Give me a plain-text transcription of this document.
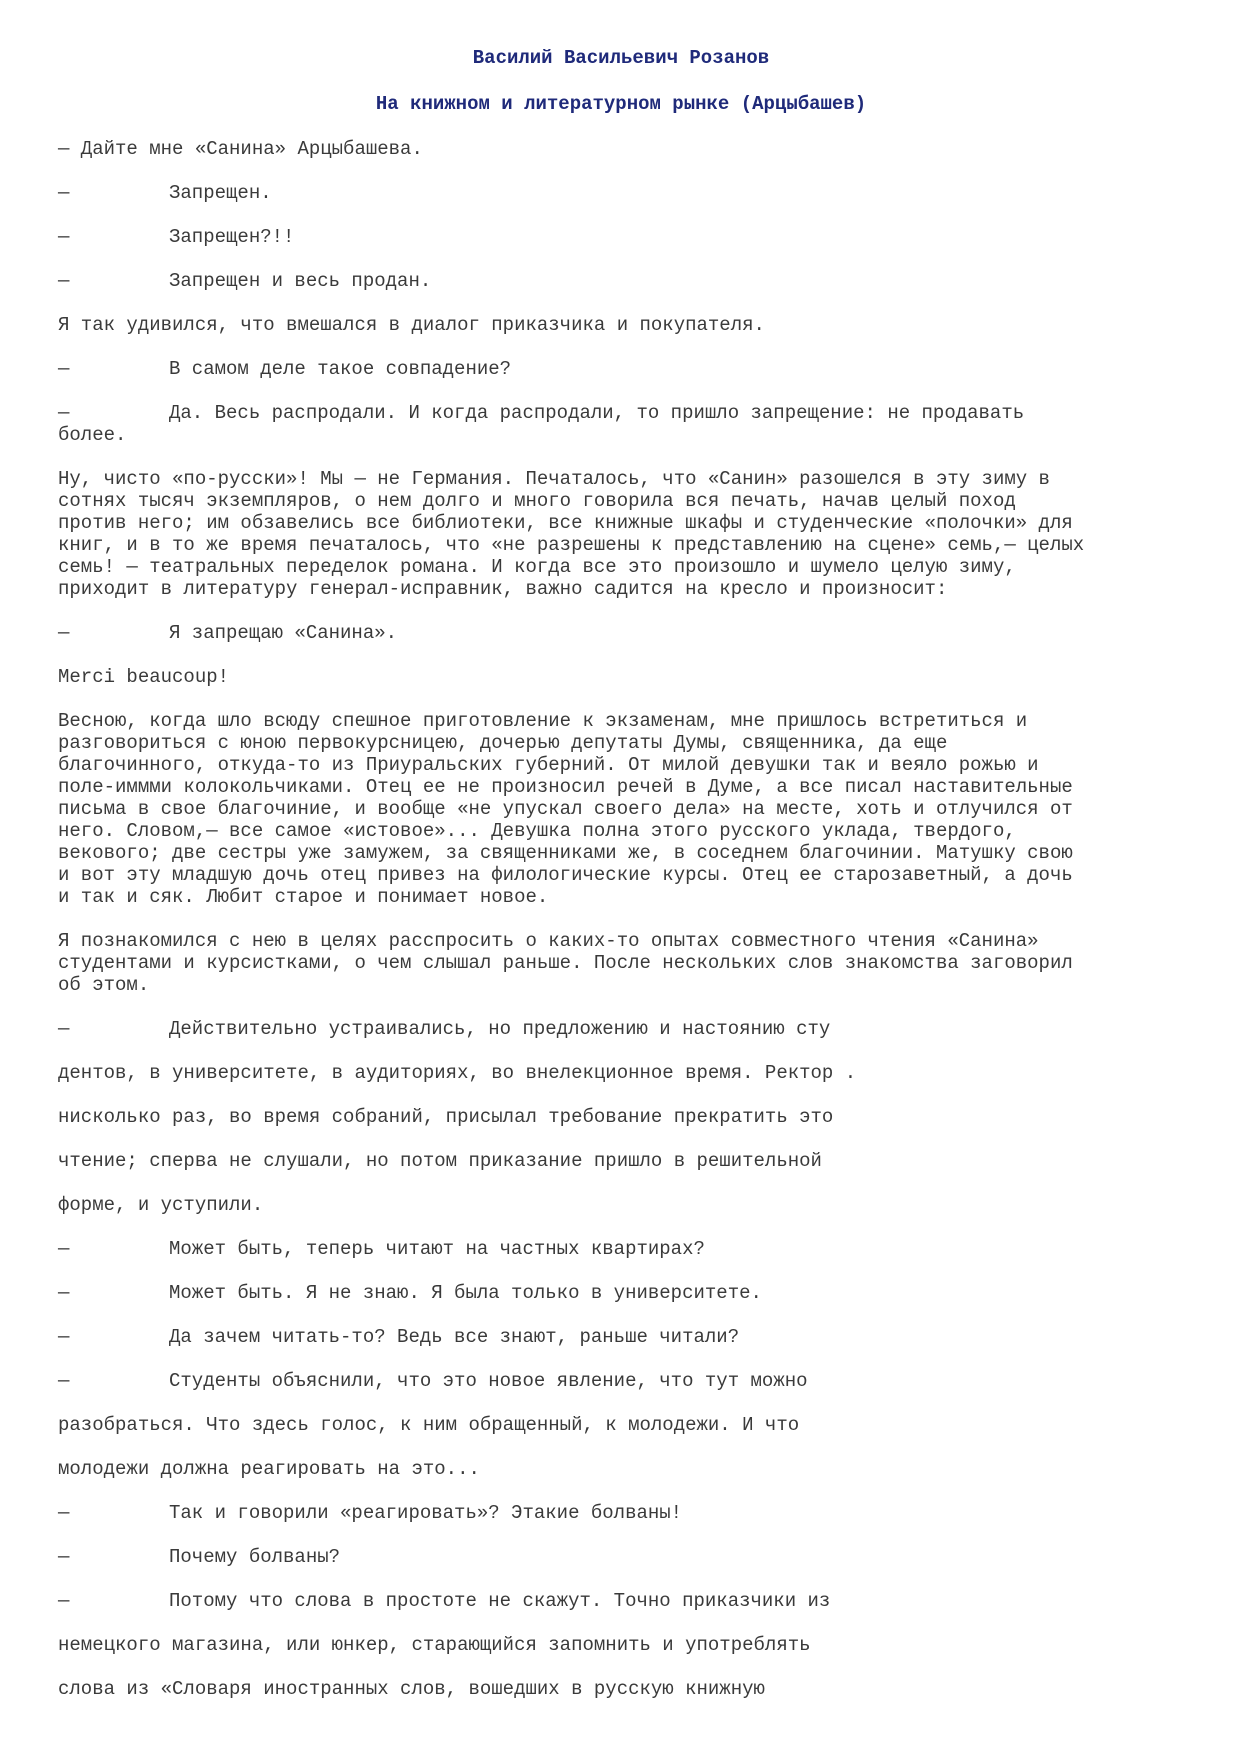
Василий Васильевич Розанов
На книжном и литературном рынке (Арцыбашев)
— Дайте мне «Санина» Арцыбашева.
—	Запрещен.
—	Запрещен?!!
—	Запрещен и весь продан.
Я так удивился, что вмешался в диалог приказчика и покупателя.
—	В самом деле такое совпадение?
—	Да. Весь распродали. И когда распродали, то пришло запрещение: не продавать
более.
Ну, чисто «по-русски»! Мы — не Германия. Печаталось, что «Санин» разошелся в эту зиму в
сотнях тысяч экземпляров, о нем долго и много говорила вся печать, начав целый поход
против него; им обзавелись все библиотеки, все книжные шкафы и студенческие «полочки» для
книг, и в то же время печаталось, что «не разрешены к представлению на сцене» семь,— целых
семь! — театральных переделок романа. И когда все это произошло и шумело целую зиму,
приходит в литературу генерал-исправник, важно садится на кресло и произносит:
—	Я запрещаю «Санина».
Merci beaucoup!
Весною, когда шло всюду спешное приготовление к экзаменам, мне пришлось встретиться и
разговориться с юною первокурсницею, дочерью депутаты Думы, священника, да еще
благочинного, откуда-то из Приуральских губерний. От милой девушки так и веяло рожью и
поле-иммми колокольчиками. Отец ее не произносил речей в Думе, а все писал наставительные
письма в свое благочиние, и вообще «не упускал своего дела» на месте, хоть и отлучился от
него. Словом,— все самое «истовое»... Девушка полна этого русского уклада, твердого,
векового; две сестры уже замужем, за священниками же, в соседнем благочинии. Матушку свою
и вот эту младшую дочь отец привез на филологические курсы. Отец ее старозаветный, а дочь
и так и сяк. Любит старое и понимает новое.
Я познакомился с нею в целях расспросить о каких-то опытах совместного чтения «Санина»
студентами и курсистками, о чем слышал раньше. После нескольких слов знакомства заговорил
об этом.
—	Действительно устраивались, но предложению и настоянию сту
дентов, в университете, в аудиториях, во внелекционное время. Ректор .
нисколько раз, во время собраний, присылал требование прекратить это
чтение; сперва не слушали, но потом приказание пришло в решительной
форме, и уступили.
—	Может быть, теперь читают на частных квартирах?
—	Может быть. Я не знаю. Я была только в университете.
—	Да зачем читать-то? Ведь все знают, раньше читали?
—	Студенты объяснили, что это новое явление, что тут можно
разобраться. Что здесь голос, к ним обращенный, к молодежи. И что
молодежи должна реагировать на это...
—	Так и говорили «реагировать»? Этакие болваны!
—	Почему болваны?
—	Потому что слова в простоте не скажут. Точно приказчики из
немецкого магазина, или юнкер, старающийся запомнить и употреблять
слова из «Словаря иностранных слов, вошедших в русскую книжную
